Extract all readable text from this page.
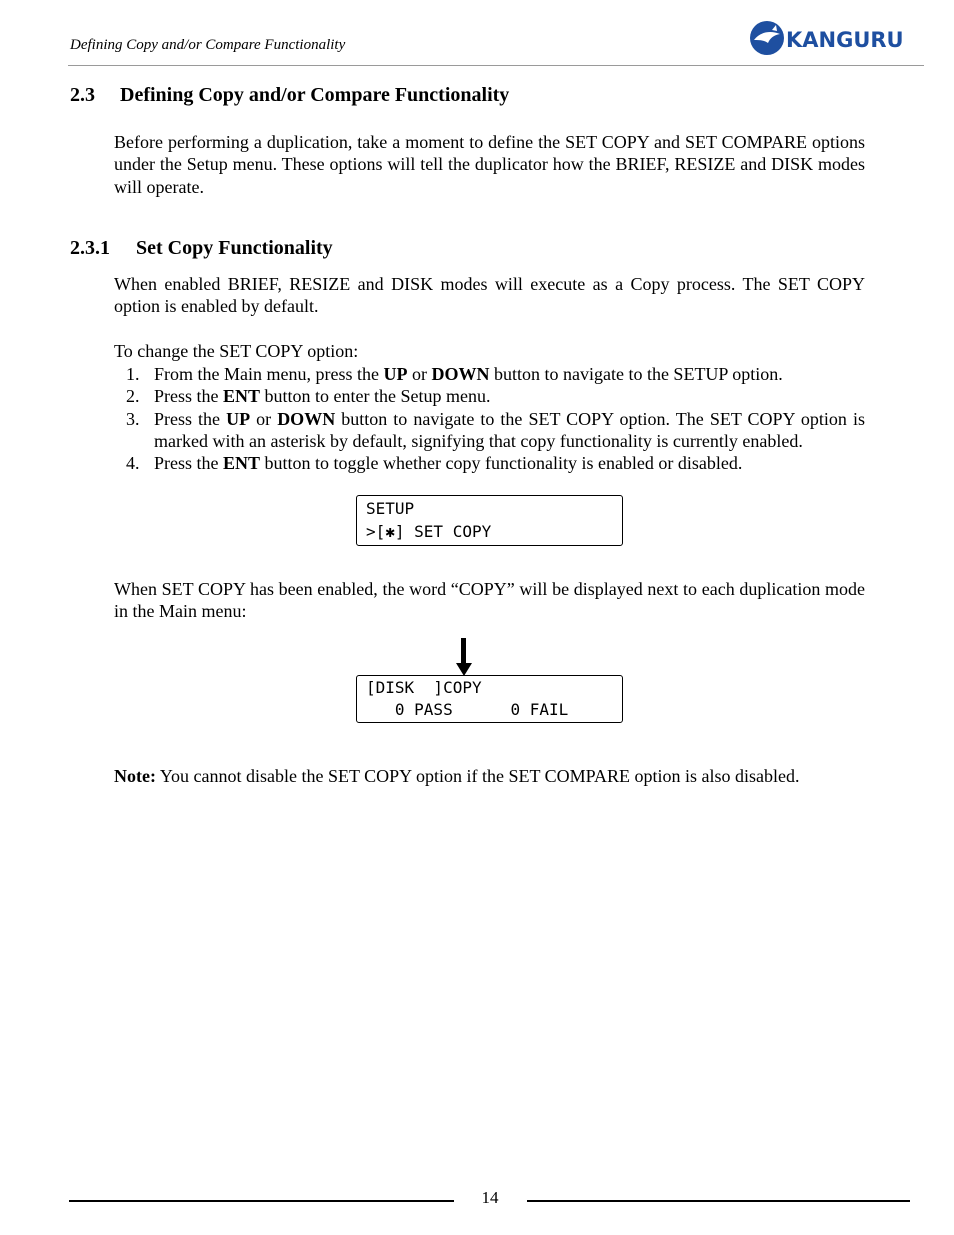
Defining Copy and/or Compare Functionality	KANGURU
2.3 Defining Copy and/or Compare Functionality
Before performing a duplication, take a moment to define the SET COPY and SET COMPARE options under the Setup menu. These options will tell the duplicator how the BRIEF, RESIZE and DISK modes will operate.
2.3.1 Set Copy Functionality
When enabled BRIEF, RESIZE and DISK modes will execute as a Copy process. The SET COPY option is enabled by default.
To change the SET COPY option:
1. From the Main menu, press the UP or DOWN button to navigate to the SETUP option.
2. Press the ENT button to enter the Setup menu.
3. Press the UP or DOWN button to navigate to the SET COPY option. The SET COPY option is marked with an asterisk by default, signifying that copy functionality is currently enabled.
4. Press the ENT button to toggle whether copy functionality is enabled or disabled.
SETUP
>[✱] SET COPY
When SET COPY has been enabled, the word “COPY” will be displayed next to each duplication mode in the Main menu:
[DISK  ]COPY
0 PASS      0 FAIL
Note: You cannot disable the SET COPY option if the SET COMPARE option is also disabled.
14
